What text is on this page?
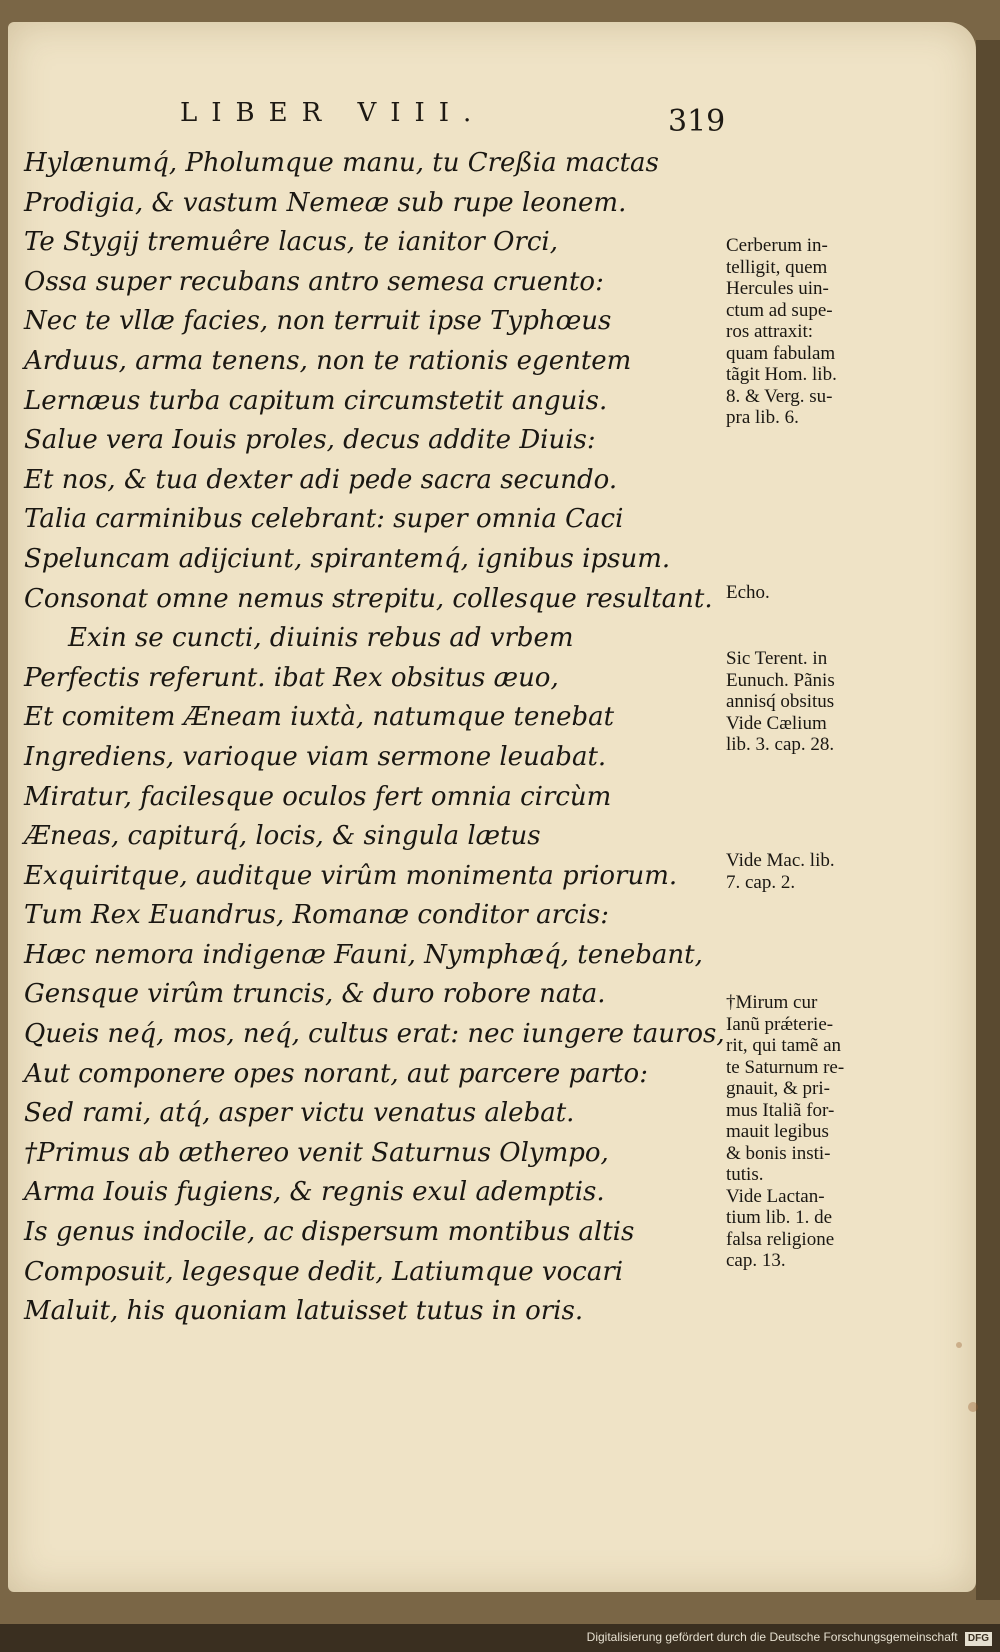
LIBER VIII.	319
Hylænumq́, Pholumque manu, tu Creßia mactas
Prodigia, & vastum Nemeæ sub rupe leonem.
Te Stygij tremuêre lacus, te ianitor Orci,
Ossa super recubans antro semesa cruento:
Nec te vllæ facies, non terruit ipse Typhœus
Arduus, arma tenens, non te rationis egentem
Lernæus turba capitum circumstetit anguis.
Salue vera Iouis proles, decus addite Diuis:
Et nos, & tua dexter adi pede sacra secundo.
Talia carminibus celebrant: super omnia Caci
Speluncam adijciunt, spirantemq́, ignibus ipsum.
Consonat omne nemus strepitu, collesque resultant.
Exin se cuncti, diuinis rebus ad vrbem
Perfectis referunt. ibat Rex obsitus æuo,
Et comitem Æneam iuxtà, natumque tenebat
Ingrediens, varioque viam sermone leuabat.
Miratur, facilesque oculos fert omnia circùm
Æneas, capiturq́, locis, & singula lætus
Exquiritque, auditque virûm monimenta priorum.
Tum Rex Euandrus, Romanæ conditor arcis:
Hæc nemora indigenæ Fauni, Nymphæq́, tenebant,
Gensque virûm truncis, & duro robore nata.
Queis neq́, mos, neq́, cultus erat: nec iungere tauros,
Aut componere opes norant, aut parcere parto:
Sed rami, atq́, asper victu venatus alebat.
†Primus ab æthereo venit Saturnus Olympo,
Arma Iouis fugiens, & regnis exul ademptis.
Is genus indocile, ac dispersum montibus altis
Composuit, legesque dedit, Latiumque vocari
Maluit, his quoniam latuisset tutus in oris.
Cerberum in-
telligit, quem
Hercules uin-
ctum ad supe-
ros attraxit:
quam fabulam
tãgit Hom. lib.
8. & Verg. su-
pra lib. 6.
Echo.
Sic Terent. in
Eunuch. Pãnis
annisq́ obsitus
Vide Cælium
lib. 3. cap. 28.
Vide Mac. lib.
7. cap. 2.
†Mirum cur
Ianũ prǽterie-
rit, qui tamẽ an
te Saturnum re-
gnauit, & pri-
mus Italiã for-
mauit legibus
& bonis insti-
tutis.
Vide Lactan-
tium lib. 1. de
falsa religione
cap. 13.
Digitalisierung gefördert durch die Deutsche Forschungsgemeinschaft DFG
